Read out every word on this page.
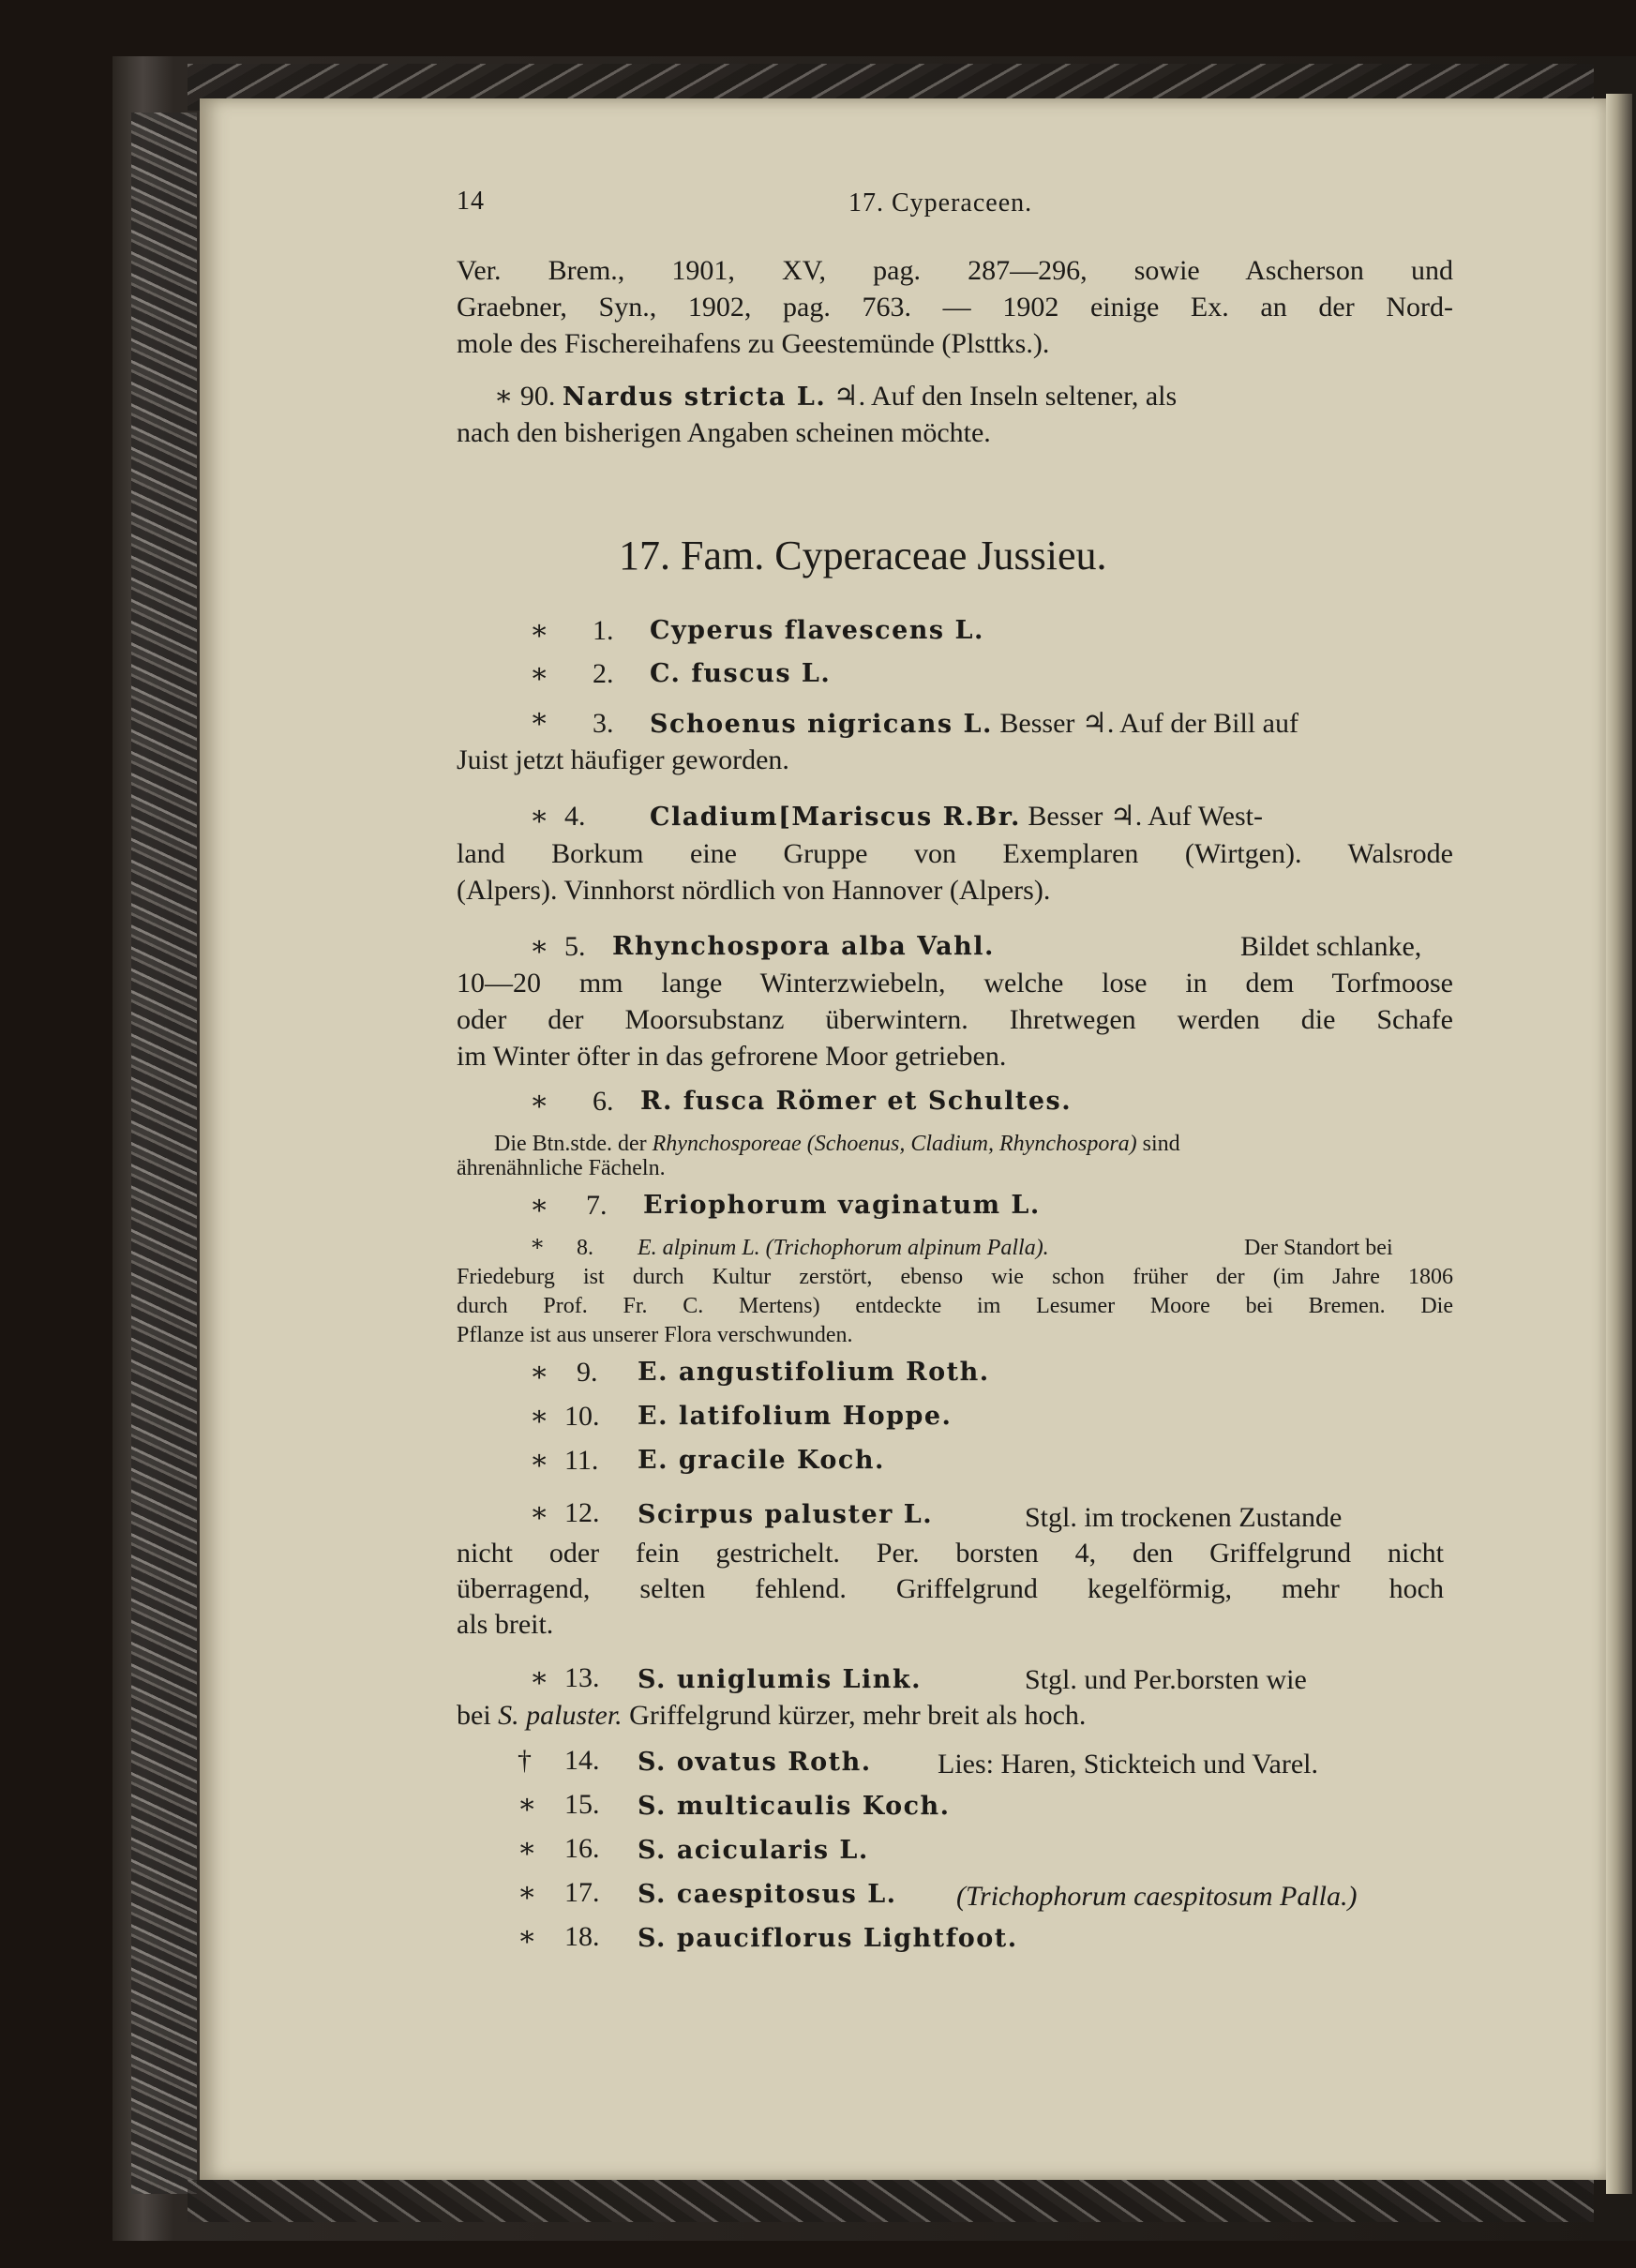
14	17. Cyperaceen.
Ver. Brem., 1901, XV, pag. 287—296, sowie Ascherson und
Graebner, Syn., 1902, pag. 763. — 1902 einige Ex. an der Nord-
mole des Fischereihafens zu Geestemünde (Plsttks.).
∗ 90. Nardus stricta L. ♃. Auf den Inseln seltener, als
nach den bisherigen Angaben scheinen möchte.
17. Fam. Cyperaceae Jussieu.
∗ 1. Cyperus flavescens L.
∗ 2. C. fuscus L.
∗ 3. Schoenus nigricans L. Besser ♃. Auf der Bill auf
Juist jetzt häufiger geworden.
∗ 4.	Cladium[Mariscus R.Br. Besser ♃. Auf West-
land Borkum eine Gruppe von Exemplaren (Wirtgen). Walsrode
(Alpers). Vinnhorst nördlich von Hannover (Alpers).
∗ 5. Rhynchospora alba Vahl.	Bildet schlanke,
10—20 mm lange Winterzwiebeln, welche lose in dem Torfmoose
oder der Moorsubstanz überwintern. Ihretwegen werden die Schafe
im Winter öfter in das gefrorene Moor getrieben.
∗ 6. R. fusca Römer et Schultes.
Die Btn.stde. der Rhynchosporeae (Schoenus, Cladium, Rhynchospora) sind
ährenähnliche Fächeln.
∗ 7. Eriophorum vaginatum L.
∗ 8. E. alpinum L. (Trichophorum alpinum Palla).	Der Standort bei
Friedeburg ist durch Kultur zerstört, ebenso wie schon früher der (im Jahre 1806
durch Prof. Fr. C. Mertens) entdeckte im Lesumer Moore bei Bremen. Die
Pflanze ist aus unserer Flora verschwunden.
∗ 9. E. angustifolium Roth.
∗ 10. E. latifolium Hoppe.
∗ 11. E. gracile Koch.
∗ 12. Scirpus paluster L.	Stgl. im trockenen Zustande
nicht oder fein gestrichelt. Per. borsten 4, den Griffelgrund nicht
überragend, selten fehlend. Griffelgrund kegelförmig, mehr hoch
als breit.
∗ 13. S. uniglumis Link.	Stgl. und Per.borsten wie
bei S. paluster. Griffelgrund kürzer, mehr breit als hoch.
† 14. S. ovatus Roth. Lies: Haren, Stickteich und Varel.
∗ 15. S. multicaulis Koch.
∗ 16. S. acicularis L.
∗ 17. S. caespitosus L. (Trichophorum caespitosum Palla.)
∗ 18. S. pauciflorus Lightfoot.
